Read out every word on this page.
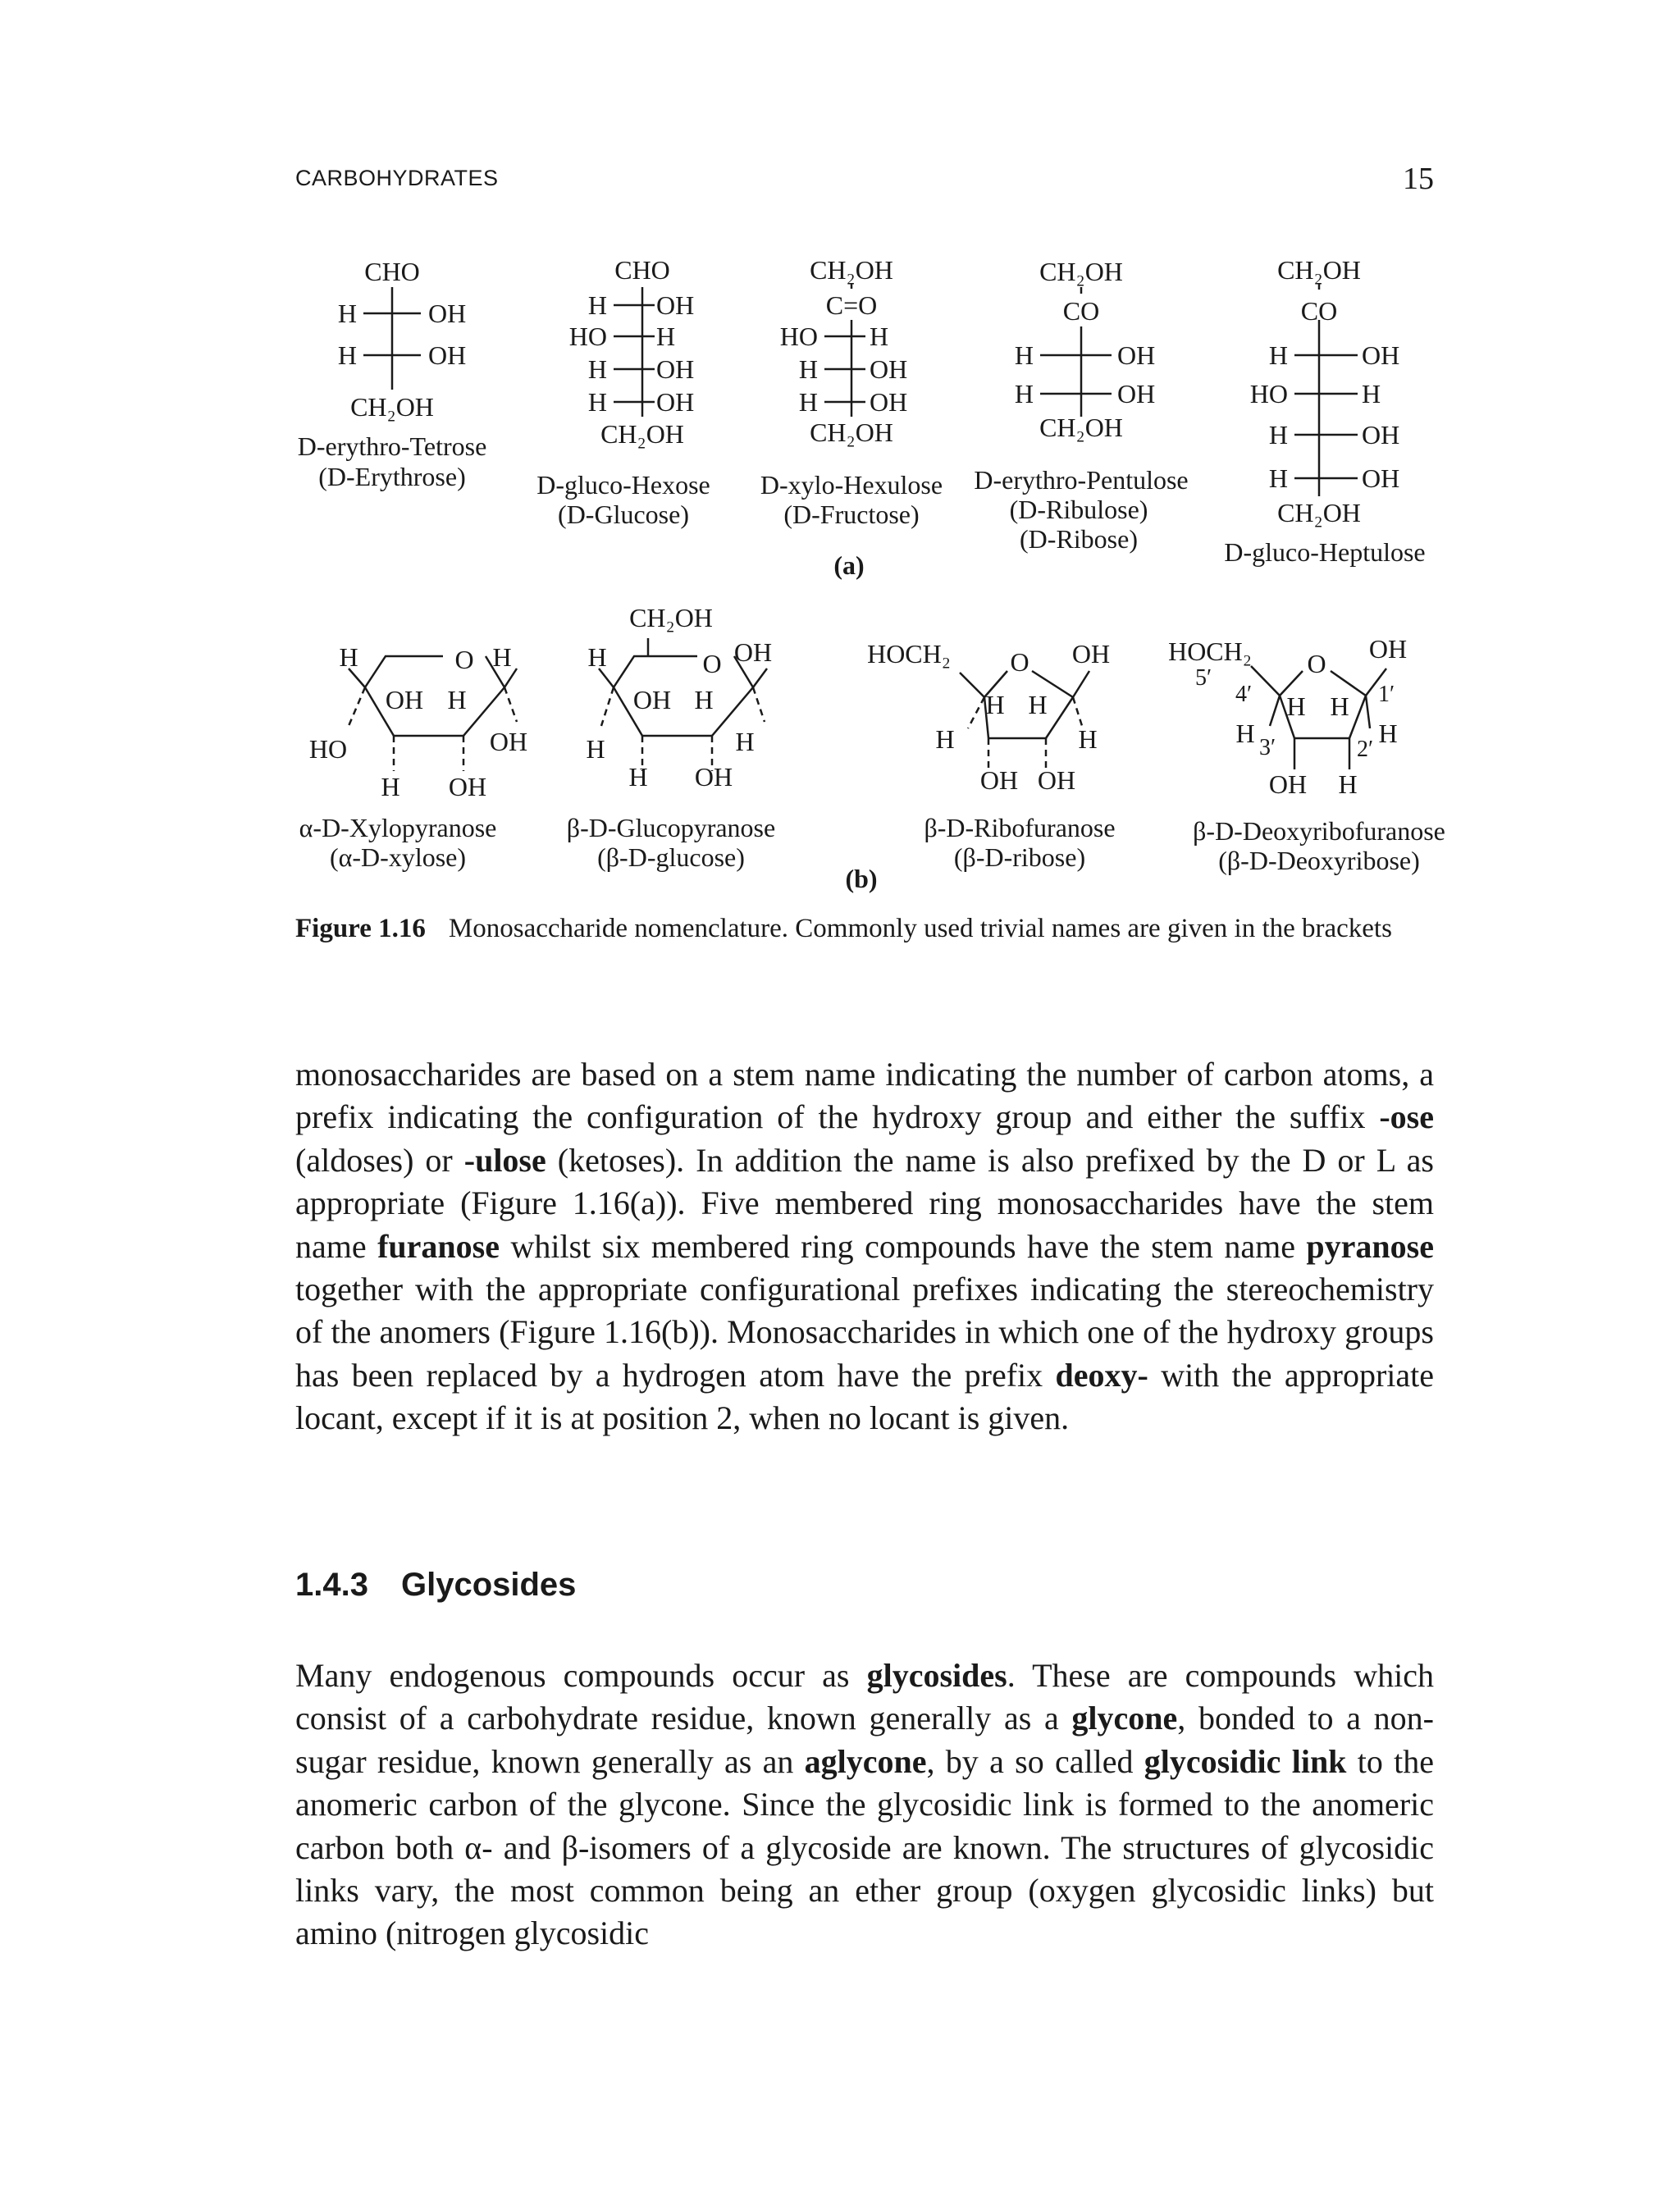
CARBOHYDRATES	15
CHO
H	OH
H	OH
CH₂OH
D-erythro-Tetrose
(D-Erythrose)
CHO
H OH
HO H
H OH
H OH
CH₂OH
D-gluco-Hexose
(D-Glucose)
CH₂OH
C=O
HO H
H OH
H OH
CH₂OH
D-xylo-Hexulose
(D-Fructose)
CH₂OH
CO
H	OH
H	OH
CH₂OH
D-erythro-Pentulose
(D-Ribulose)
(D-Ribose)
CH₂OH
CO
H	OH
HO	H
H	OH
H	OH
CH₂OH
D-gluco-Heptulose
(a)
H	O H
OH H
HO	OH
H OH
α-D-Xylopyranose
(α-D-xylose)
CH₂OH
H	O OH
OH H
H	H
H OH
β-D-Glucopyranose
(β-D-glucose)
HOCH₂ O OH
H H
H	H
OH OH
β-D-Ribofuranose
(β-D-ribose)
HOCH₂
5′
4′
O OH
1′
H H
H 3′	2′
H
OH H
β-D-Deoxyribofuranose
(β-D-Deoxyribose)
(b)
Figure 1.16 Monosaccharide nomenclature. Commonly used trivial names are given in the brackets

monosaccharides are based on a stem name indicating the number of carbon atoms, a prefix indicating the configuration of the hydroxy group and either the suffix -ose (aldoses) or -ulose (ketoses). In addition the name is also prefixed by the D or L as appropriate (Figure 1.16(a)). Five membered ring monosaccharides have the stem name furanose whilst six membered ring compounds have the stem name pyranose together with the appropriate configurational prefixes indicating the stereochemistry of the anomers (Figure 1.16(b)). Monosaccharides in which one of the hydroxy groups has been replaced by a hydrogen atom have the prefix deoxy- with the appropriate locant, except if it is at position 2, when no locant is given.

1.4.3 Glycosides

Many endogenous compounds occur as glycosides. These are compounds which consist of a carbohydrate residue, known generally as a glycone, bonded to a non-sugar residue, known generally as an aglycone, by a so called glycosidic link to the anomeric carbon of the glycone. Since the glycosidic link is formed to the anomeric carbon both α- and β-isomers of a glycoside are known. The structures of glycosidic links vary, the most common being an ether group (oxygen glycosidic links) but amino (nitrogen glycosidic
